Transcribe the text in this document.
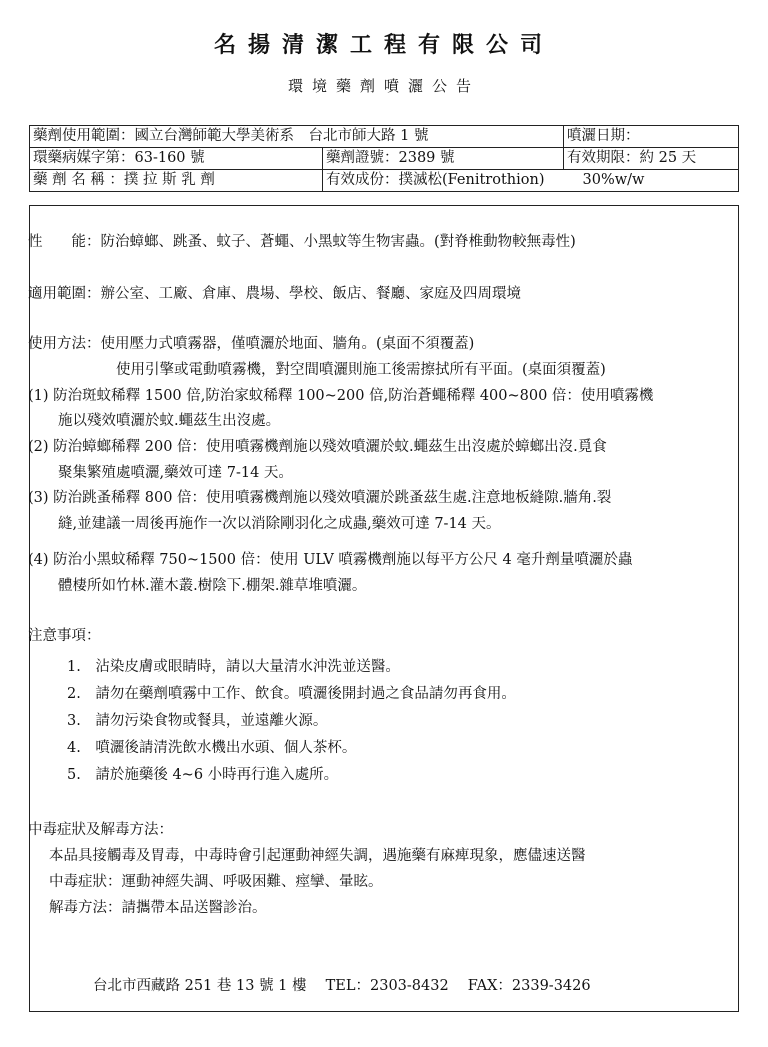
名揚清潔工程有限公司
環境藥劑噴灑公告
藥劑使用範圍：國立台灣師範大學美術系　台北市師大路 1 號		噴灑日期：
環藥病媒字第：63-160 號	藥劑證號：2389 號	有效期限：約 25 天
藥 劑 名 稱 ：撲 拉 斯 乳 劑	有效成份：撲滅松(Fenitrothion) 30%w/w	
性　　能：防治蟑螂、跳蚤、蚊子、蒼蠅、小黑蚊等生物害蟲。(對脊椎動物較無毒性)
適用範圍：辦公室、工廠、倉庫、農場、學校、飯店、餐廳、家庭及四周環境
使用方法：使用壓力式噴霧器，僅噴灑於地面、牆角。(桌面不須覆蓋)
使用引擎或電動噴霧機，對空間噴灑則施工後需擦拭所有平面。(桌面須覆蓋)
(1) 防治斑蚊稀釋 1500 倍,防治家蚊稀釋 100~200 倍,防治蒼蠅稀釋 400~800 倍：使用噴霧機
施以殘效噴灑於蚊.蠅茲生出沒處。
(2) 防治蟑螂稀釋 200 倍：使用噴霧機劑施以殘效噴灑於蚊.蠅茲生出沒處於蟑螂出沒.覓食
聚集繁殖處噴灑,藥效可達 7-14 天。
(3) 防治跳蚤稀釋 800 倍：使用噴霧機劑施以殘效噴灑於跳蚤茲生處.注意地板縫隙.牆角.裂
縫,並建議一周後再施作一次以消除剛羽化之成蟲,藥效可達 7-14 天。
(4) 防治小黑蚊稀釋 750~1500 倍：使用 ULV 噴霧機劑施以每平方公尺 4 毫升劑量噴灑於蟲
體棲所如竹林.灌木叢.樹陰下.棚架.雜草堆噴灑。
注意事項：
1.　沾染皮膚或眼睛時，請以大量清水沖洗並送醫。
2.　請勿在藥劑噴霧中工作、飲食。噴灑後開封過之食品請勿再食用。
3.　請勿污染食物或餐具，並遠離火源。
4.　噴灑後請清洗飲水機出水頭、個人茶杯。
5.　請於施藥後 4~6 小時再行進入處所。
中毒症狀及解毒方法：
本品具接觸毒及胃毒，中毒時會引起運動神經失調，遇施藥有麻痺現象，應儘速送醫
中毒症狀：運動神經失調、呼吸困難、痙攣、暈眩。
解毒方法：請攜帶本品送醫診治。
台北市西藏路 251 巷 13 號 1 樓　 TEL：2303-8432　 FAX：2339-3426
